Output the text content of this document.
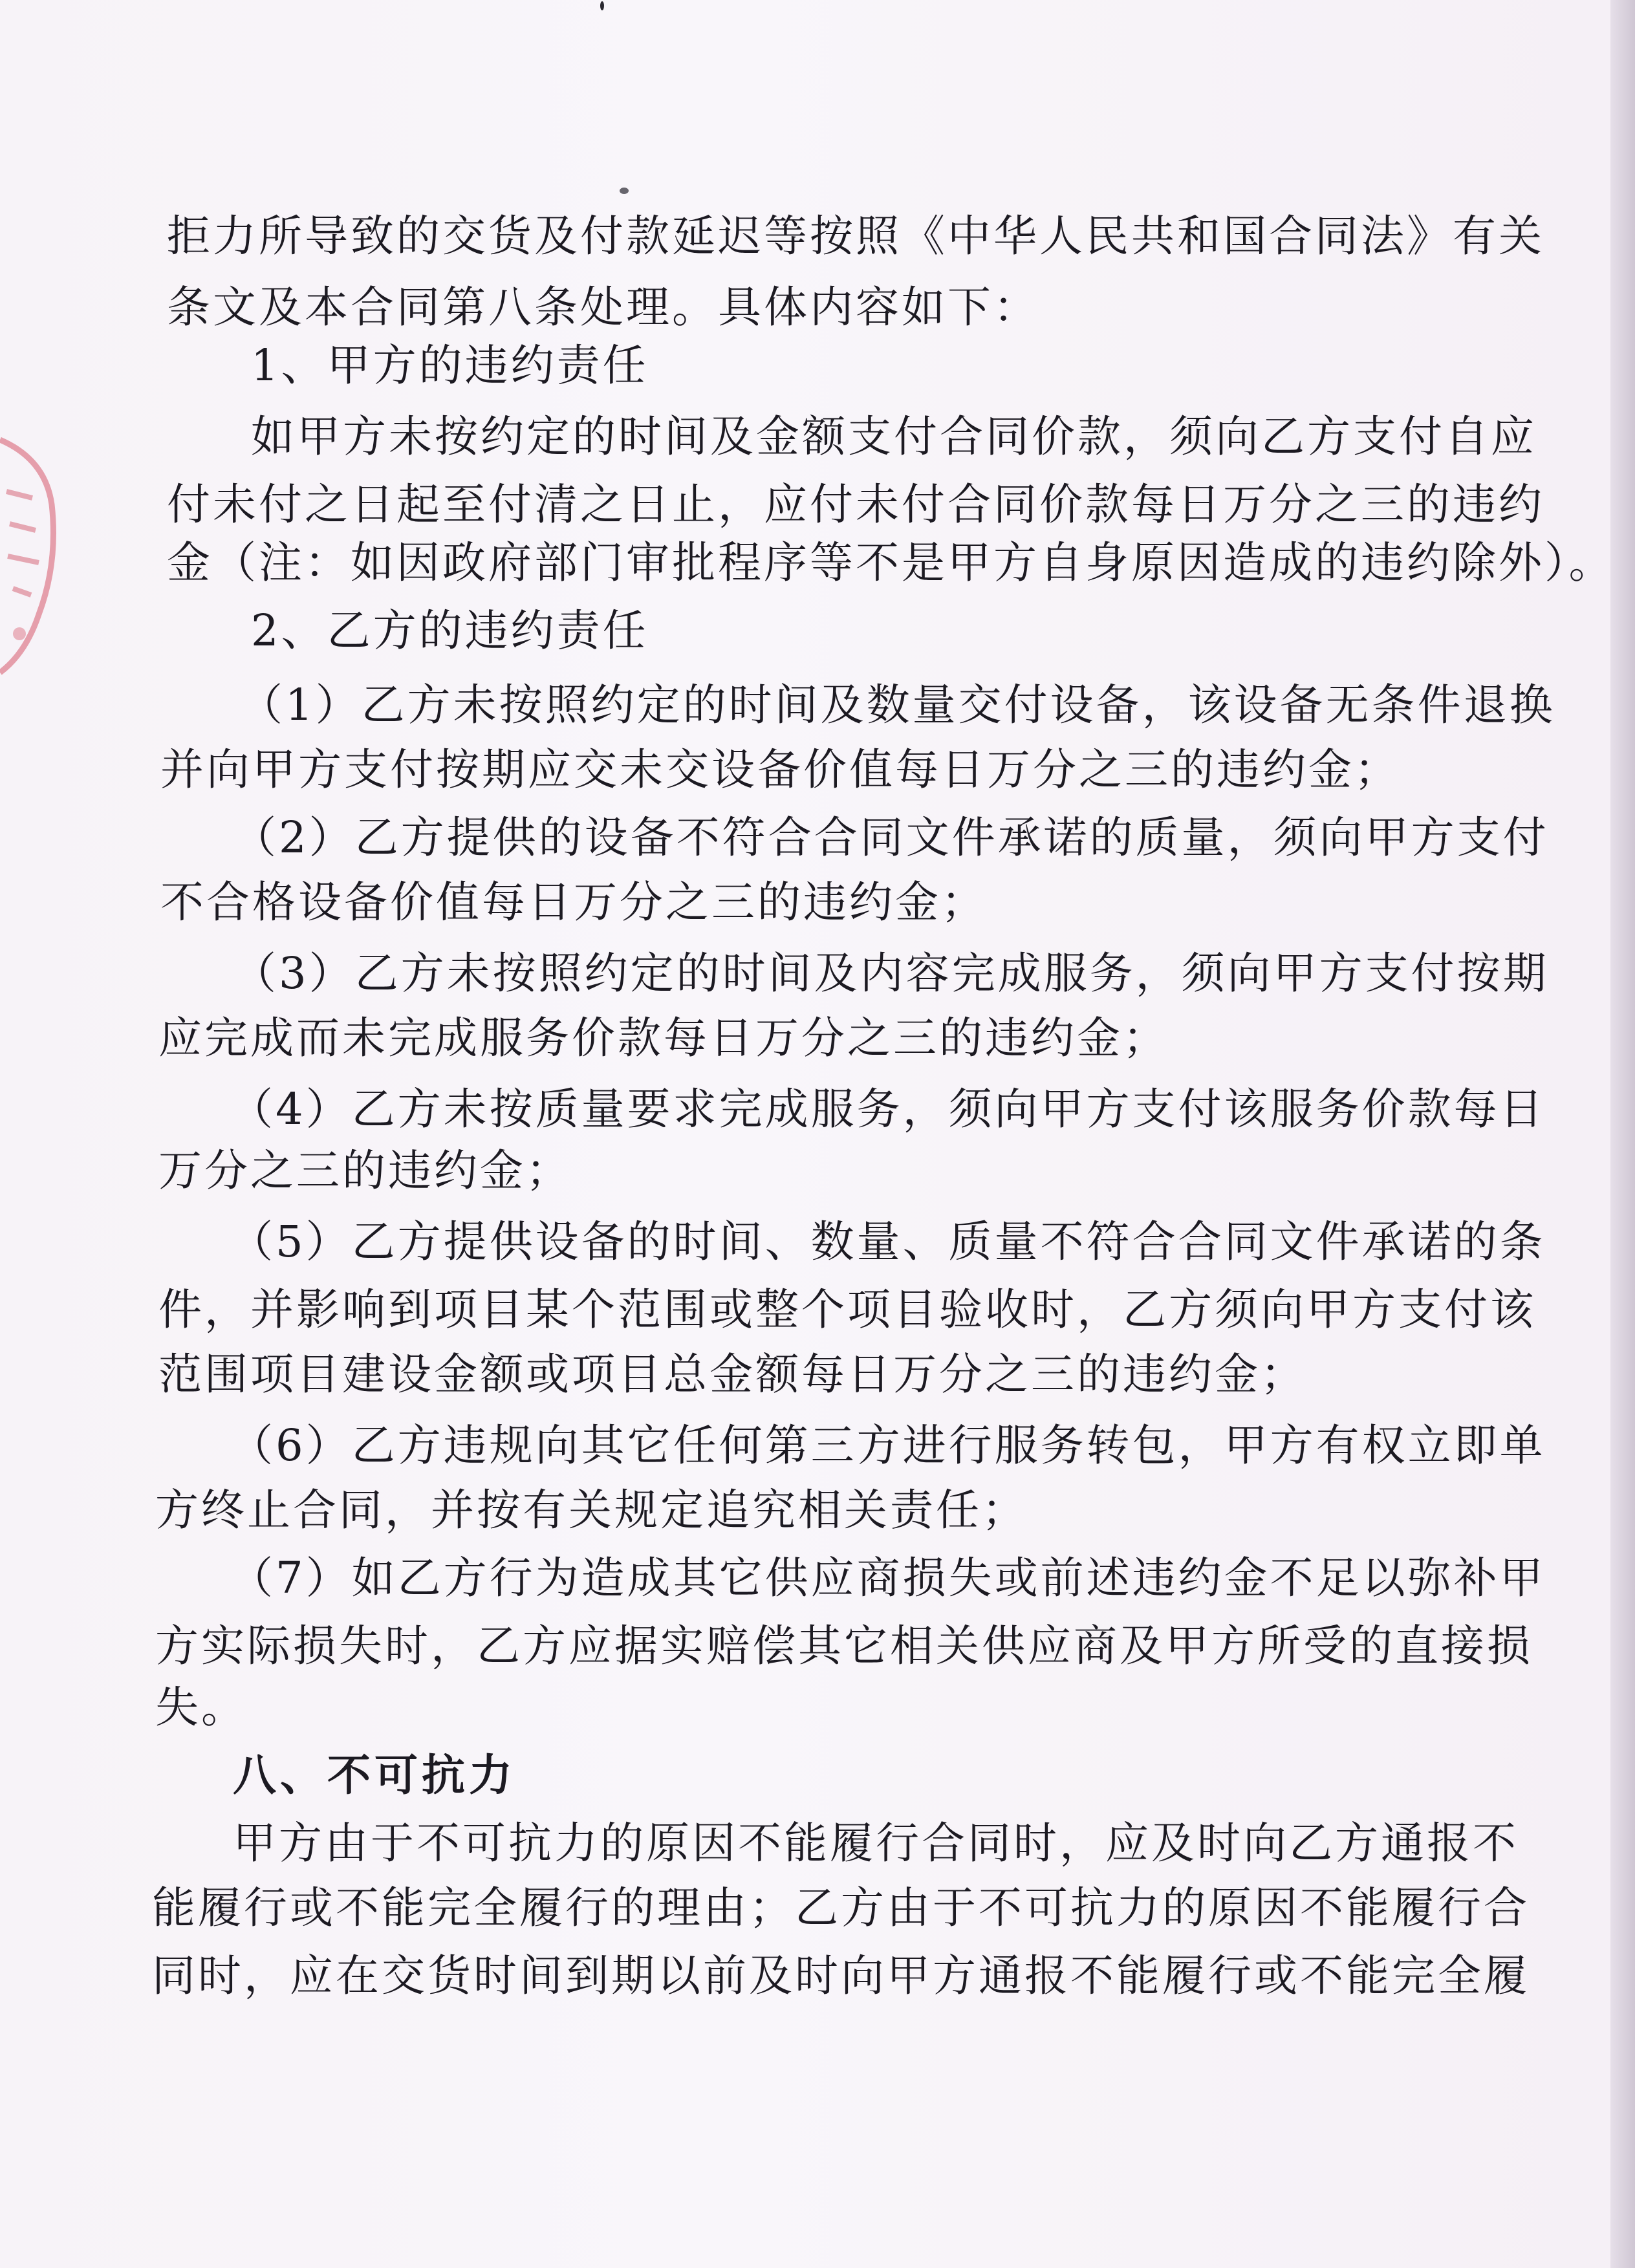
拒力所导致的交货及付款延迟等按照《中华人民共和国合同法》有关
条文及本合同第八条处理。具体内容如下：
1、甲方的违约责任
如甲方未按约定的时间及金额支付合同价款，须向乙方支付自应
付未付之日起至付清之日止，应付未付合同价款每日万分之三的违约
金（注：如因政府部门审批程序等不是甲方自身原因造成的违约除外）。
2、乙方的违约责任
（1）乙方未按照约定的时间及数量交付设备，该设备无条件退换
并向甲方支付按期应交未交设备价值每日万分之三的违约金；
（2）乙方提供的设备不符合合同文件承诺的质量，须向甲方支付
不合格设备价值每日万分之三的违约金；
（3）乙方未按照约定的时间及内容完成服务，须向甲方支付按期
应完成而未完成服务价款每日万分之三的违约金；
（4）乙方未按质量要求完成服务，须向甲方支付该服务价款每日
万分之三的违约金；
（5）乙方提供设备的时间、数量、质量不符合合同文件承诺的条
件，并影响到项目某个范围或整个项目验收时，乙方须向甲方支付该
范围项目建设金额或项目总金额每日万分之三的违约金；
（6）乙方违规向其它任何第三方进行服务转包，甲方有权立即单
方终止合同，并按有关规定追究相关责任；
（7）如乙方行为造成其它供应商损失或前述违约金不足以弥补甲
方实际损失时，乙方应据实赔偿其它相关供应商及甲方所受的直接损
失。
八、不可抗力
甲方由于不可抗力的原因不能履行合同时，应及时向乙方通报不
能履行或不能完全履行的理由；乙方由于不可抗力的原因不能履行合
同时，应在交货时间到期以前及时向甲方通报不能履行或不能完全履
